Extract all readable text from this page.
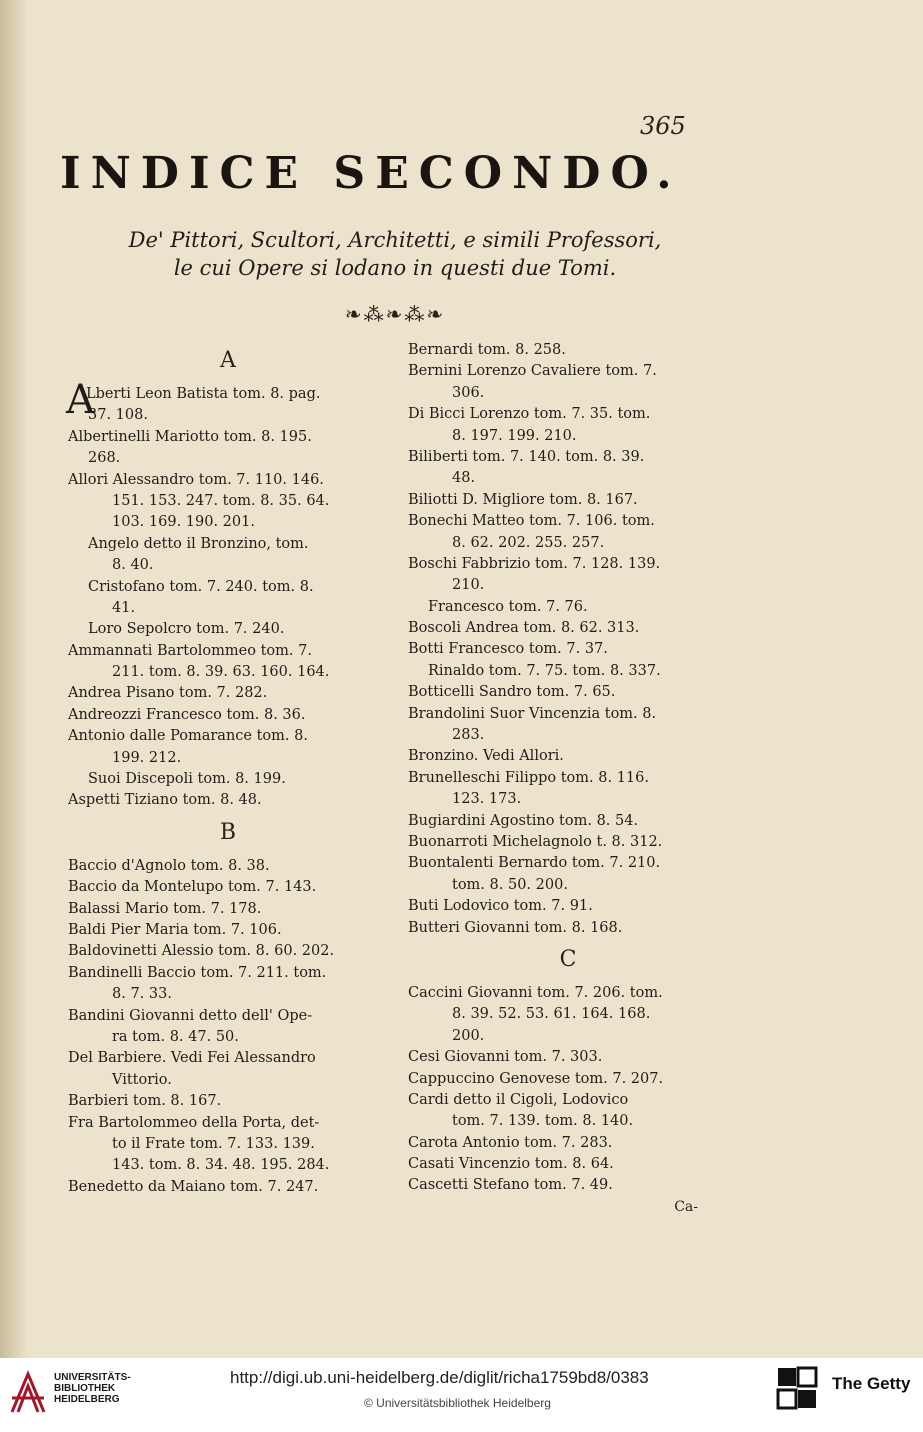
365
INDICE SECONDO.
De' Pittori, Scultori, Architetti, e simili Professori,
le cui Opere si lodano in questi due Tomi.
❧⁂❧⁂❧
A
A
Lberti Leon Batista tom. 8. pag.
37. 108.
Albertinelli Mariotto tom. 8. 195.
268.
Allori Alessandro tom. 7. 110. 146.
151. 153. 247. tom. 8. 35. 64.
103. 169. 190. 201.
Angelo detto il Bronzino, tom.
8. 40.
Cristofano tom. 7. 240. tom. 8.
41.
Loro Sepolcro tom. 7. 240.
Ammannati Bartolommeo tom. 7.
211. tom. 8. 39. 63. 160. 164.
Andrea Pisano tom. 7. 282.
Andreozzi Francesco tom. 8. 36.
Antonio dalle Pomarance tom. 8.
199. 212.
Suoi Discepoli tom. 8. 199.
Aspetti Tiziano tom. 8. 48.
B
Baccio d'Agnolo tom. 8. 38.
Baccio da Montelupo tom. 7. 143.
Balassi Mario tom. 7. 178.
Baldi Pier Maria tom. 7. 106.
Baldovinetti Alessio tom. 8. 60. 202.
Bandinelli Baccio tom. 7. 211. tom.
8. 7. 33.
Bandini Giovanni detto dell' Ope-
ra tom. 8. 47. 50.
Del Barbiere. Vedi Fei Alessandro
Vittorio.
Barbieri tom. 8. 167.
Fra Bartolommeo della Porta, det-
to il Frate tom. 7. 133. 139.
143. tom. 8. 34. 48. 195. 284.
Benedetto da Maiano tom. 7. 247.
Bernardi tom. 8. 258.
Bernini Lorenzo Cavaliere tom. 7.
306.
Di Bicci Lorenzo tom. 7. 35. tom.
8. 197. 199. 210.
Biliberti tom. 7. 140. tom. 8. 39.
48.
Biliotti D. Migliore tom. 8. 167.
Bonechi Matteo tom. 7. 106. tom.
8. 62. 202. 255. 257.
Boschi Fabbrizio tom. 7. 128. 139.
210.
Francesco tom. 7. 76.
Boscoli Andrea tom. 8. 62. 313.
Botti Francesco tom. 7. 37.
Rinaldo tom. 7. 75. tom. 8. 337.
Botticelli Sandro tom. 7. 65.
Brandolini Suor Vincenzia tom. 8.
283.
Bronzino. Vedi Allori.
Brunelleschi Filippo tom. 8. 116.
123. 173.
Bugiardini Agostino tom. 8. 54.
Buonarroti Michelagnolo t. 8. 312.
Buontalenti Bernardo tom. 7. 210.
tom. 8. 50. 200.
Buti Lodovico tom. 7. 91.
Butteri Giovanni tom. 8. 168.
C
Caccini Giovanni tom. 7. 206. tom.
8. 39. 52. 53. 61. 164. 168.
200.
Cesi Giovanni tom. 7. 303.
Cappuccino Genovese tom. 7. 207.
Cardi detto il Cigoli, Lodovico
tom. 7. 139. tom. 8. 140.
Carota Antonio tom. 7. 283.
Casati Vincenzio tom. 8. 64.
Cascetti Stefano tom. 7. 49.
Ca-
UNIVERSITÄTS-
BIBLIOTHEK
HEIDELBERG
http://digi.ub.uni-heidelberg.de/diglit/richa1759bd8/0383
© Universitätsbibliothek Heidelberg
The Getty
